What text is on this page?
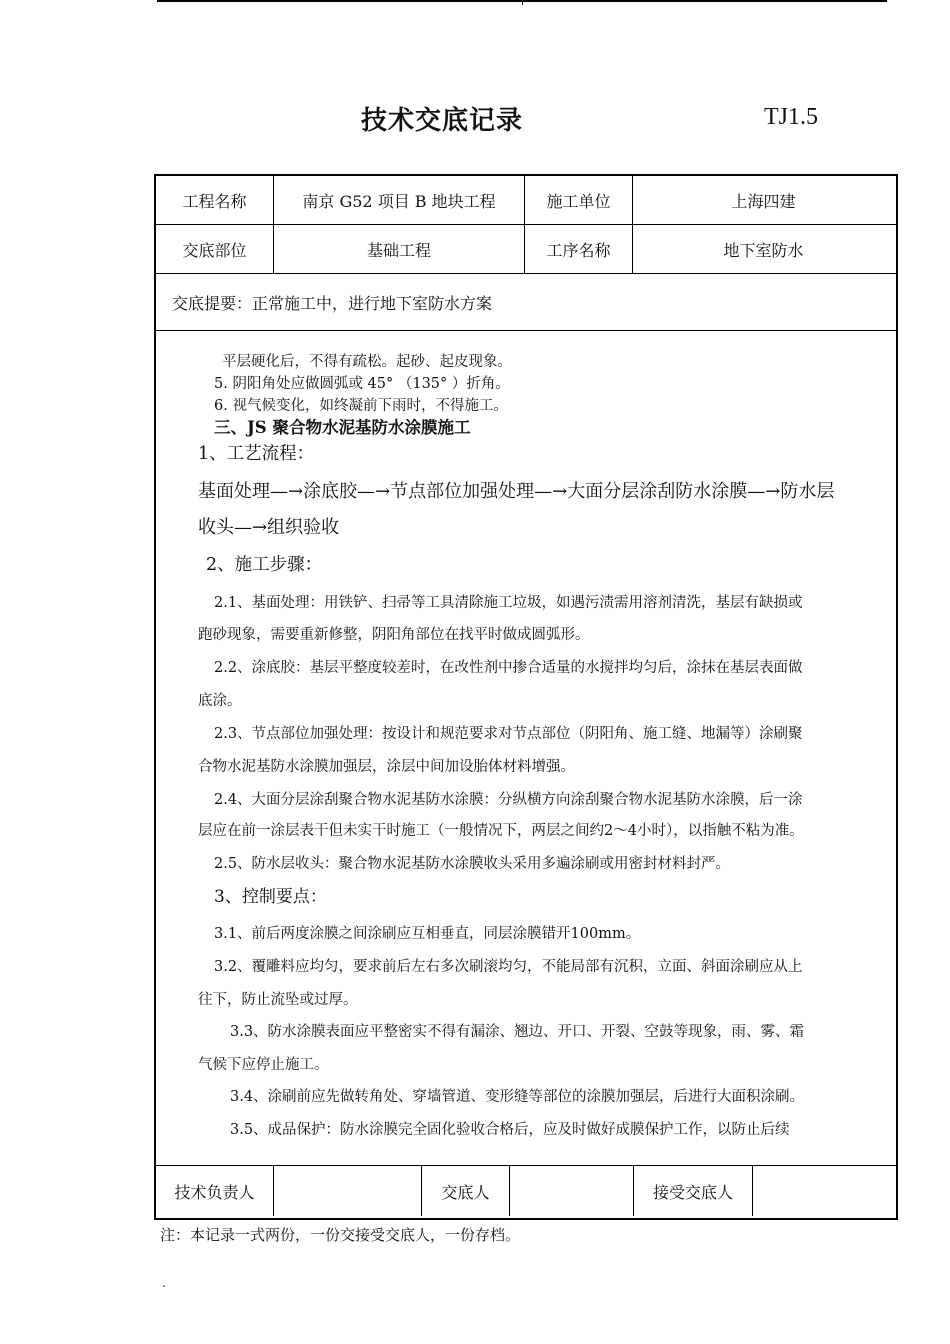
技术交底记录	TJ1.5
工程名称	南京 G52 项目 B 地块工程	施工单位	上海四建
交底部位	基础工程	工序名称	地下室防水
交底提要：正常施工中，进行地下室防水方案
平层硬化后，不得有疏松。起砂、起皮现象。
5. 阴阳角处应做圆弧或 45° （135° ）折角。
6. 视气候变化，如终凝前下雨时，不得施工。
三、JS 聚合物水泥基防水涂膜施工
1、工艺流程：
基面处理—→涂底胶—→节点部位加强处理—→大面分层涂刮防水涂膜—→防水层
收头—→组织验收
2、施工步骤：
2.1、基面处理：用铁铲、扫帚等工具清除施工垃圾，如遇污渍需用溶剂清洗，基层有缺损或
跑砂现象，需要重新修整，阴阳角部位在找平时做成圆弧形。
2.2、涂底胶：基层平整度较差时，在改性剂中掺合适量的水搅拌均匀后，涂抹在基层表面做
底涂。
2.3、节点部位加强处理：按设计和规范要求对节点部位（阴阳角、施工缝、地漏等）涂刷聚
合物水泥基防水涂膜加强层，涂层中间加设胎体材料增强。
2.4、大面分层涂刮聚合物水泥基防水涂膜：分纵横方向涂刮聚合物水泥基防水涂膜，后一涂
层应在前一涂层表干但未实干时施工（一般情况下，两层之间约2～4小时），以指触不粘为准。
2.5、防水层收头：聚合物水泥基防水涂膜收头采用多遍涂刷或用密封材料封严。
3、控制要点：
3.1、前后两度涂膜之间涂刷应互相垂直，同层涂膜错开100mm。
3.2、覆雕料应均匀，要求前后左右多次刷滚均匀，不能局部有沉积，立面、斜面涂刷应从上
往下，防止流坠或过厚。
3.3、防水涂膜表面应平整密实不得有漏涂、翘边、开口、开裂、空鼓等现象，雨、雾、霜
气候下应停止施工。
3.4、涂刷前应先做转角处、穿墙管道、变形缝等部位的涂膜加强层，后进行大面积涂刷。
3.5、成品保护：防水涂膜完全固化验收合格后，应及时做好成膜保护工作，以防止后续
技术负责人	交底人	接受交底人
注：本记录一式两份，一份交接受交底人，一份存档。
.
